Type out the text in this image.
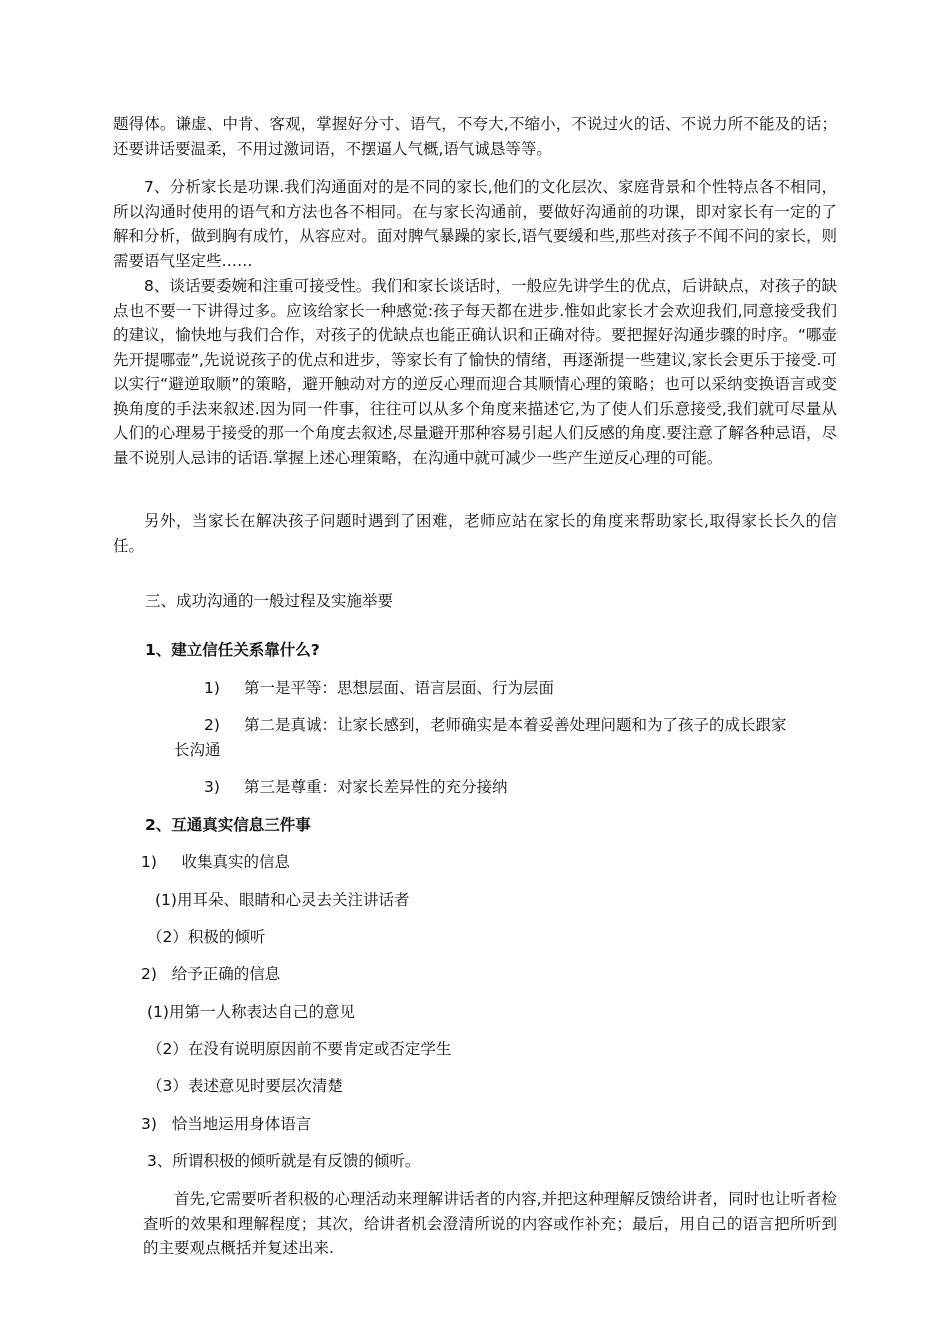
题得体。谦虚、中肯、客观，掌握好分寸、语气，不夸大,不缩小，不说过火的话、不说力所不能及的话；还要讲话要温柔，不用过激词语，不摆逼人气概,语气诚恳等等。

7、分析家长是功课.我们沟通面对的是不同的家长,他们的文化层次、家庭背景和个性特点各不相同，所以沟通时使用的语气和方法也各不相同。在与家长沟通前，要做好沟通前的功课，即对家长有一定的了解和分析，做到胸有成竹，从容应对。面对脾气暴躁的家长,语气要缓和些,那些对孩子不闻不问的家长，则需要语气坚定些……

8、谈话要委婉和注重可接受性。我们和家长谈话时，一般应先讲学生的优点，后讲缺点，对孩子的缺点也不要一下讲得过多。应该给家长一种感觉:孩子每天都在进步.惟如此家长才会欢迎我们,同意接受我们的建议，愉快地与我们合作，对孩子的优缺点也能正确认识和正确对待。要把握好沟通步骤的时序。“哪壶先开提哪壶”,先说说孩子的优点和进步，等家长有了愉快的情绪，再逐渐提一些建议,家长会更乐于接受.可以实行“避逆取顺”的策略，避开触动对方的逆反心理而迎合其顺情心理的策略；也可以采纳变换语言或变换角度的手法来叙述.因为同一件事，往往可以从多个角度来描述它,为了使人们乐意接受,我们就可尽量从人们的心理易于接受的那一个角度去叙述,尽量避开那种容易引起人们反感的角度.要注意了解各种忌语，尽量不说别人忌讳的话语.掌握上述心理策略，在沟通中就可减少一些产生逆反心理的可能。

另外，当家长在解决孩子问题时遇到了困难，老师应站在家长的角度来帮助家长,取得家长长久的信任。

三、成功沟通的一般过程及实施举要
1、建立信任关系靠什么?
1) 第一是平等：思想层面、语言层面、行为层面
2) 第二是真诚：让家长感到，老师确实是本着妥善处理问题和为了孩子的成长跟家
长沟通
3) 第三是尊重：对家长差异性的充分接纳
2、互通真实信息三件事
1)     收集真实的信息
(1)用耳朵、眼睛和心灵去关注讲话者
（2）积极的倾听
2)   给予正确的信息
(1)用第一人称表达自己的意见
（2）在没有说明原因前不要肯定或否定学生
（3）表述意见时要层次清楚
3)   恰当地运用身体语言
3、所谓积极的倾听就是有反馈的倾听。

首先,它需要听者积极的心理活动来理解讲话者的内容,并把这种理解反馈给讲者，同时也让听者检查听的效果和理解程度；其次，给讲者机会澄清所说的内容或作补充；最后，用自己的语言把所听到的主要观点概括并复述出来.
